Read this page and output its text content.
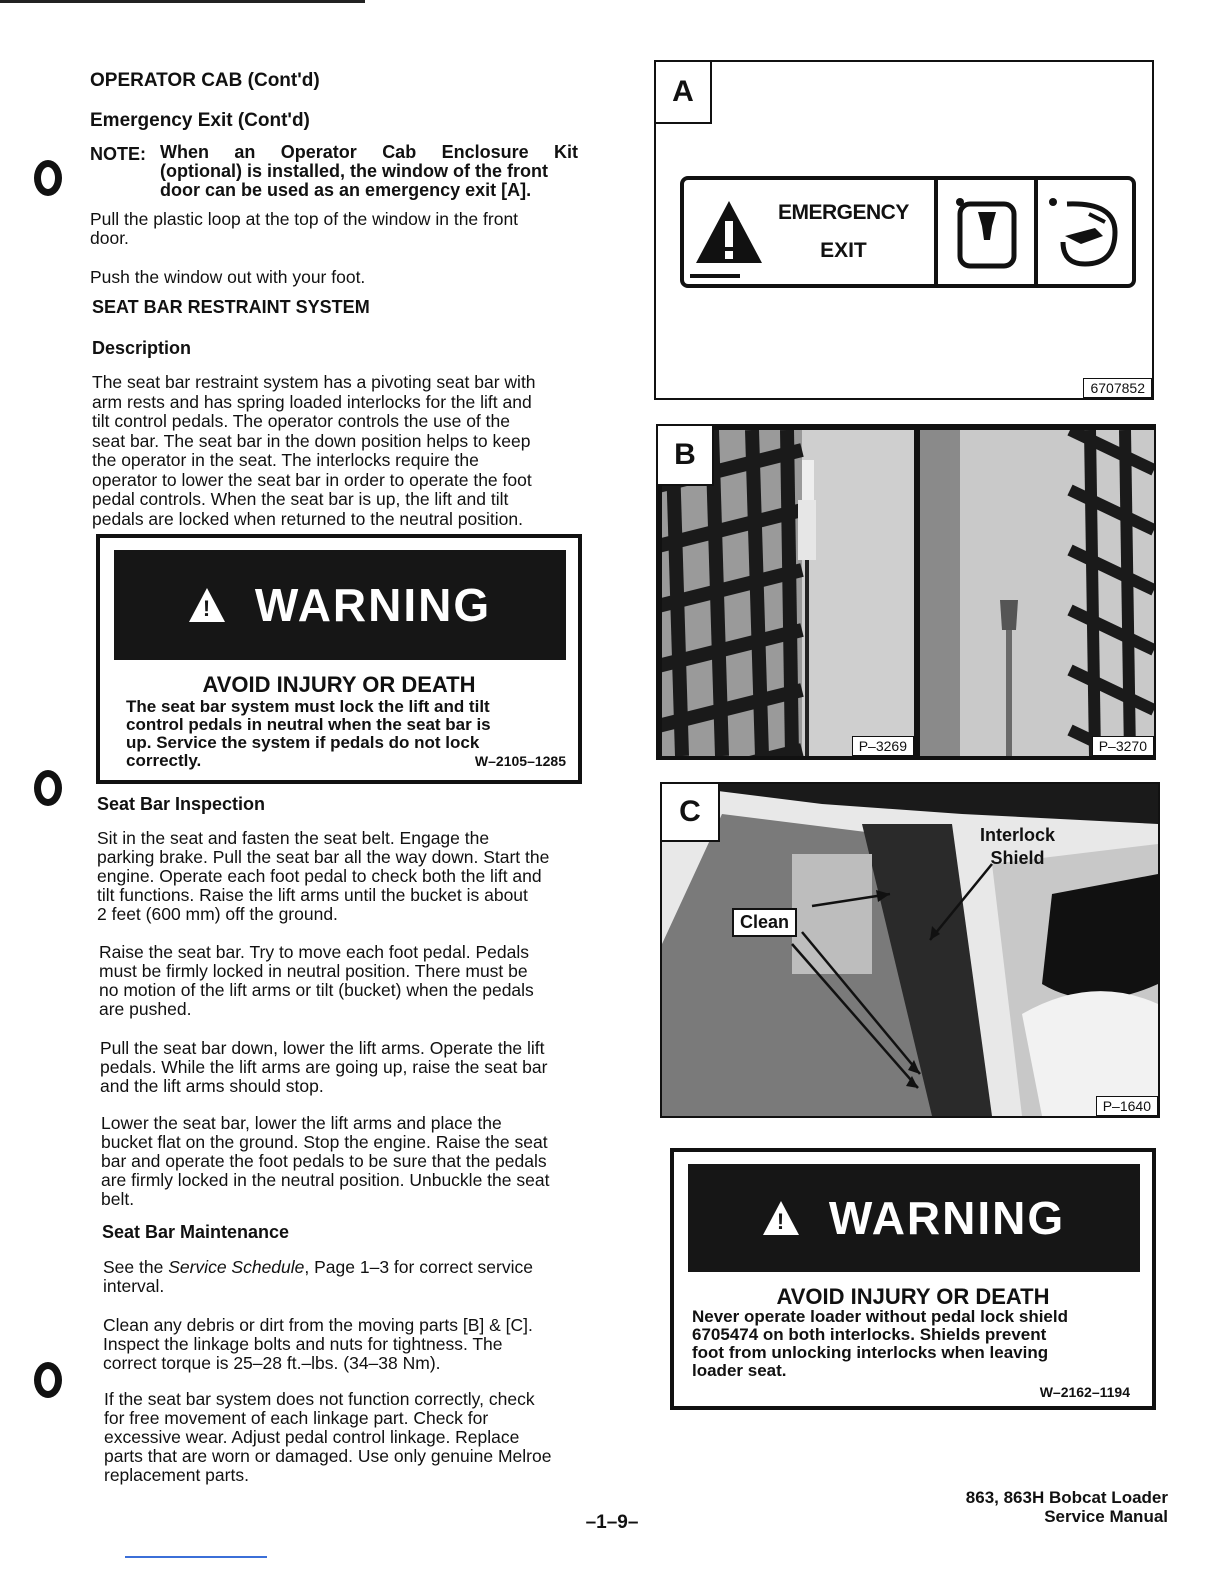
OPERATOR CAB (Cont'd)
Emergency Exit (Cont'd)
NOTE: When an Operator Cab Enclosure Kit
(optional) is installed, the window of the front
door can be used as an emergency exit [A].
Pull the plastic loop at the top of the window in the front
door.
Push the window out with your foot.
SEAT BAR RESTRAINT SYSTEM
Description
The seat bar restraint system has a pivoting seat bar with
arm rests and has spring loaded interlocks for the lift and
tilt control pedals. The operator controls the use of the
seat bar. The seat bar in the down position helps to keep
the operator in the seat. The interlocks require the
operator to lower the seat bar in order to operate the foot
pedal controls. When the seat bar is up, the lift and tilt
pedals are locked when returned to the neutral position.
!
WARNING
AVOID INJURY OR DEATH
The seat bar system must lock the lift and tilt
control pedals in neutral when the seat bar is
up. Service the system if pedals do not lock
correctly.	W–2105–1285
Seat Bar Inspection
Sit in the seat and fasten the seat belt. Engage the
parking brake. Pull the seat bar all the way down. Start the
engine. Operate each foot pedal to check both the lift and
tilt functions. Raise the lift arms until the bucket is about
2 feet (600 mm) off the ground.
Raise the seat bar. Try to move each foot pedal. Pedals
must be firmly locked in neutral position. There must be
no motion of the lift arms or tilt (bucket) when the pedals
are pushed.
Pull the seat bar down, lower the lift arms. Operate the lift
pedals. While the lift arms are going up, raise the seat bar
and the lift arms should stop.
Lower the seat bar, lower the lift arms and place the
bucket flat on the ground. Stop the engine. Raise the seat
bar and operate the foot pedals to be sure that the pedals
are firmly locked in the neutral position. Unbuckle the seat
belt.
Seat Bar Maintenance
See the Service Schedule, Page 1–3 for correct service
interval.
Clean any debris or dirt from the moving parts [B] & [C].
Inspect the linkage bolts and nuts for tightness. The
correct torque is 25–28 ft.–lbs. (34–38 Nm).
If the seat bar system does not function correctly, check
for free movement of each linkage part. Check for
excessive wear. Adjust pedal control linkage. Replace
parts that are worn or damaged. Use only genuine Melroe
replacement parts.
A
EMERGENCY
EXIT
6707852
P–3269	P–3270
B
Interlock
Shield
Clean
P–1640
C
!
WARNING
AVOID INJURY OR DEATH
Never operate loader without pedal lock shield
6705474 on both interlocks. Shields prevent
foot from unlocking interlocks when leaving
loader seat.
W–2162–1194
–1–9–
863, 863H Bobcat Loader
Service Manual
